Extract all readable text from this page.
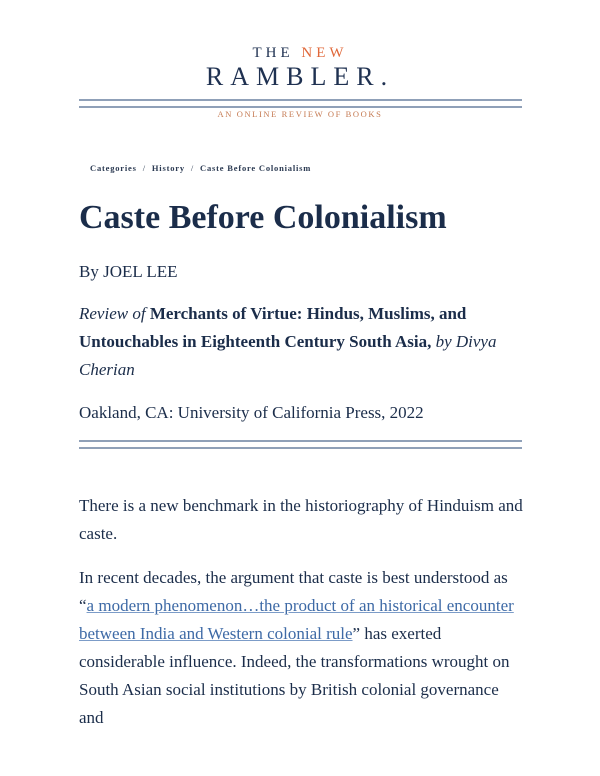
THE NEW
RAMBLER.
AN ONLINE REVIEW OF BOOKS
Categories / History / Caste Before Colonialism
Caste Before Colonialism
By JOEL LEE
Review of Merchants of Virtue: Hindus, Muslims, and Untouchables in Eighteenth Century South Asia, by Divya Cherian
Oakland, CA: University of California Press, 2022

There is a new benchmark in the historiography of Hinduism and caste.

In recent decades, the argument that caste is best understood as “a modern phenomenon…the product of an historical encounter between India and Western colonial rule” has exerted considerable influence. Indeed, the transformations wrought on South Asian social institutions by British colonial governance and
